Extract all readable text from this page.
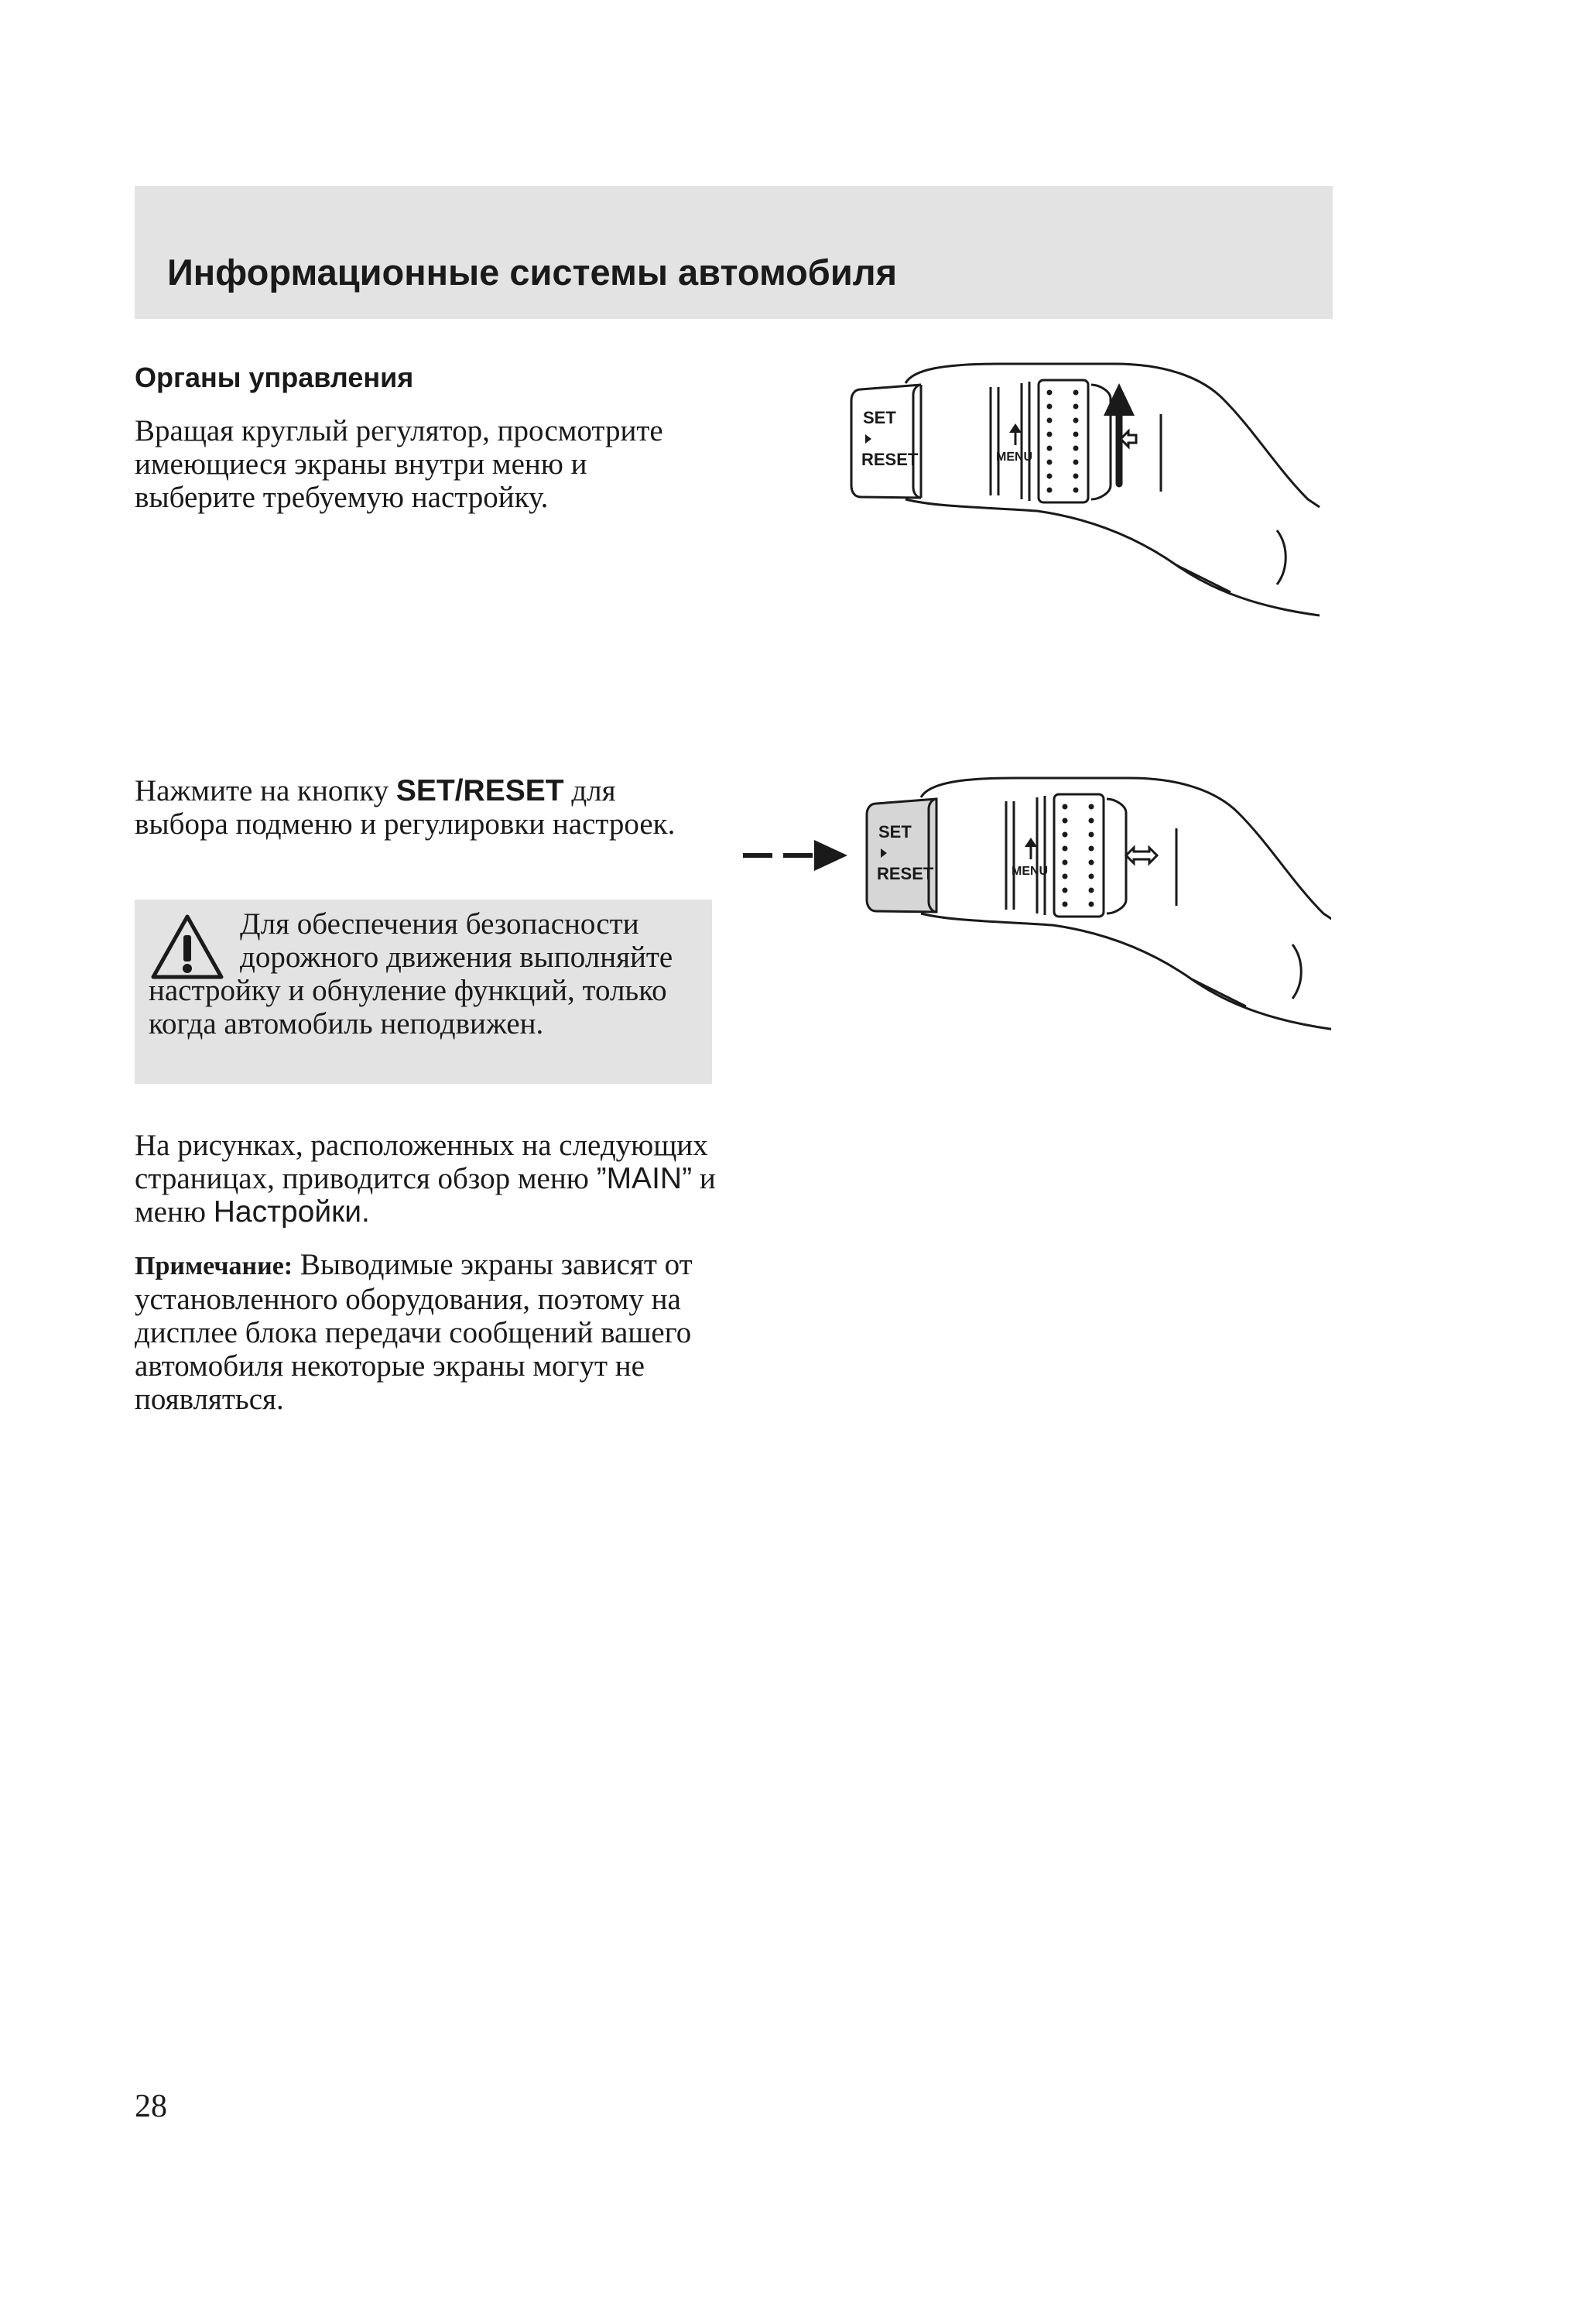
Информационные системы автомобиля
Органы управления

Вращая круглый регулятор, просмотрите имеющиеся экраны внутри меню и выберите требуемую настройку.

Нажмите на кнопку SET/RESET для выбора подменю и регулировки настроек.

Для обеспечения безопасности дорожного движения выполняйте настройку и обнуление функций, только когда автомобиль неподвижен.

На рисунках, расположенных на следующих страницах, приводится обзор меню ”MAIN” и меню Настройки.

Примечание: Выводимые экраны зависят от установленного оборудования, поэтому на дисплее блока передачи сообщений вашего автомобиля некоторые экраны могут не появляться.

SET
RESET	MENU
SET
RESET	MENU
28
